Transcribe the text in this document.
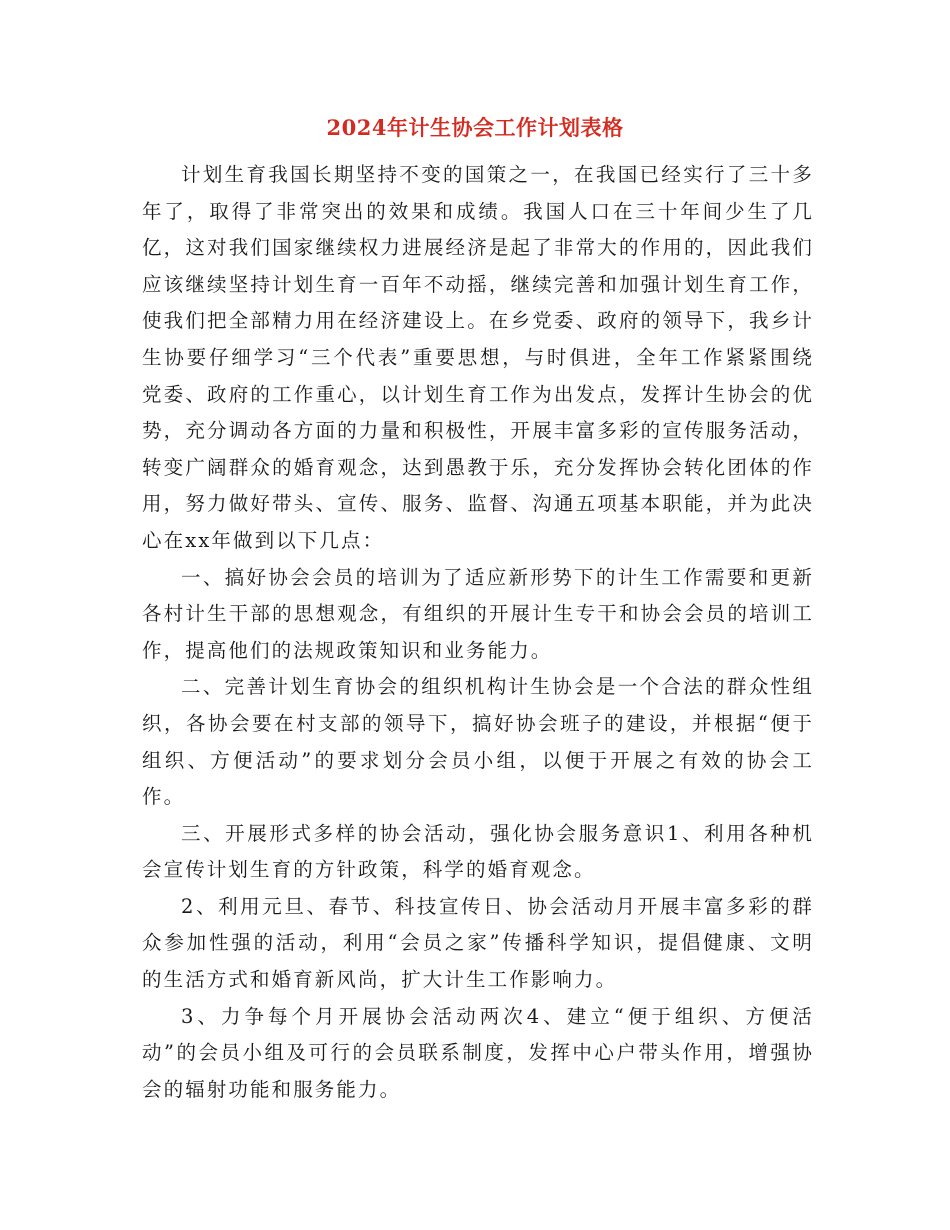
2024年计生协会工作计划表格

计划生育我国长期坚持不变的国策之一，在我国已经实行了三十多年了，取得了非常突出的效果和成绩。我国人口在三十年间少生了几亿，这对我们国家继续权力进展经济是起了非常大的作用的，因此我们应该继续坚持计划生育一百年不动摇，继续完善和加强计划生育工作，使我们把全部精力用在经济建设上。在乡党委、政府的领导下，我乡计生协要仔细学习“三个代表”重要思想，与时俱进，全年工作紧紧围绕党委、政府的工作重心，以计划生育工作为出发点，发挥计生协会的优势，充分调动各方面的力量和积极性，开展丰富多彩的宣传服务活动，转变广阔群众的婚育观念，达到愚教于乐，充分发挥协会转化团体的作用，努力做好带头、宣传、服务、监督、沟通五项基本职能，并为此决心在xx年做到以下几点：

一、搞好协会会员的培训为了适应新形势下的计生工作需要和更新各村计生干部的思想观念，有组织的开展计生专干和协会会员的培训工作，提高他们的法规政策知识和业务能力。

二、完善计划生育协会的组织机构计生协会是一个合法的群众性组织，各协会要在村支部的领导下，搞好协会班子的建设，并根据“便于组织、方便活动”的要求划分会员小组，以便于开展之有效的协会工作。

三、开展形式多样的协会活动，强化协会服务意识1、利用各种机会宣传计划生育的方针政策，科学的婚育观念。

2、利用元旦、春节、科技宣传日、协会活动月开展丰富多彩的群众参加性强的活动，利用“会员之家”传播科学知识，提倡健康、文明的生活方式和婚育新风尚，扩大计生工作影响力。

3、力争每个月开展协会活动两次4、建立“便于组织、方便活动”的会员小组及可行的会员联系制度，发挥中心户带头作用，增强协会的辐射功能和服务能力。
